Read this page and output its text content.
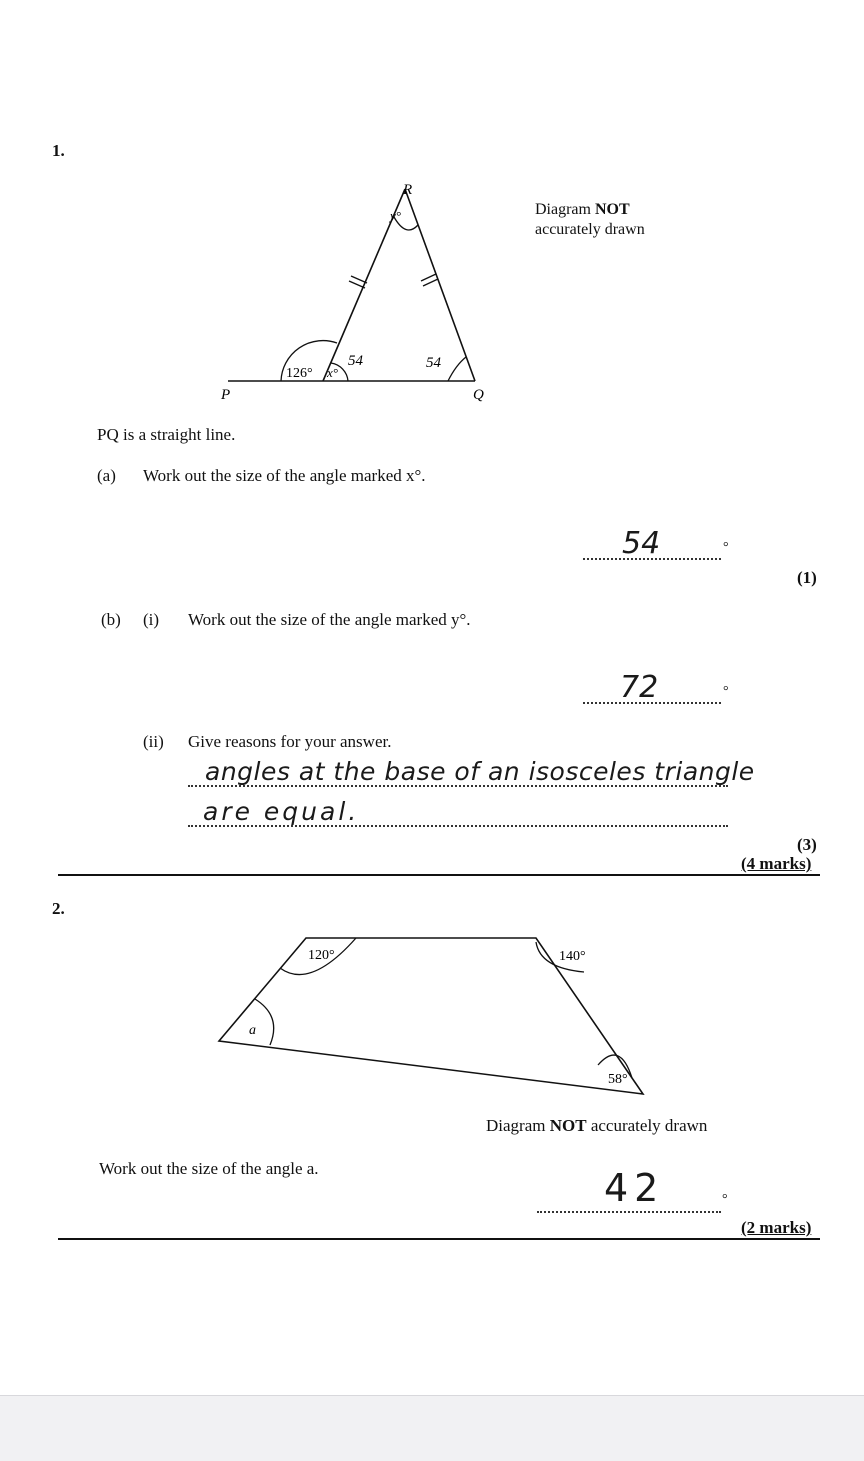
1.
R
y°
126° x°
54	54
P	Q
Diagram NOT
accurately drawn
PQ is a straight line.
(a) Work out the size of the angle marked x°.
54	°
(1)
(b) (i) Work out the size of the angle marked y°.
72	°
(ii) Give reasons for your answer.
angles at the base of an isosceles triangle
are equal.
(3)
(4 marks)
2.
120°	140°
58°
a
Diagram NOT accurately drawn
Work out the size of the angle a.	42	°
(2 marks)
